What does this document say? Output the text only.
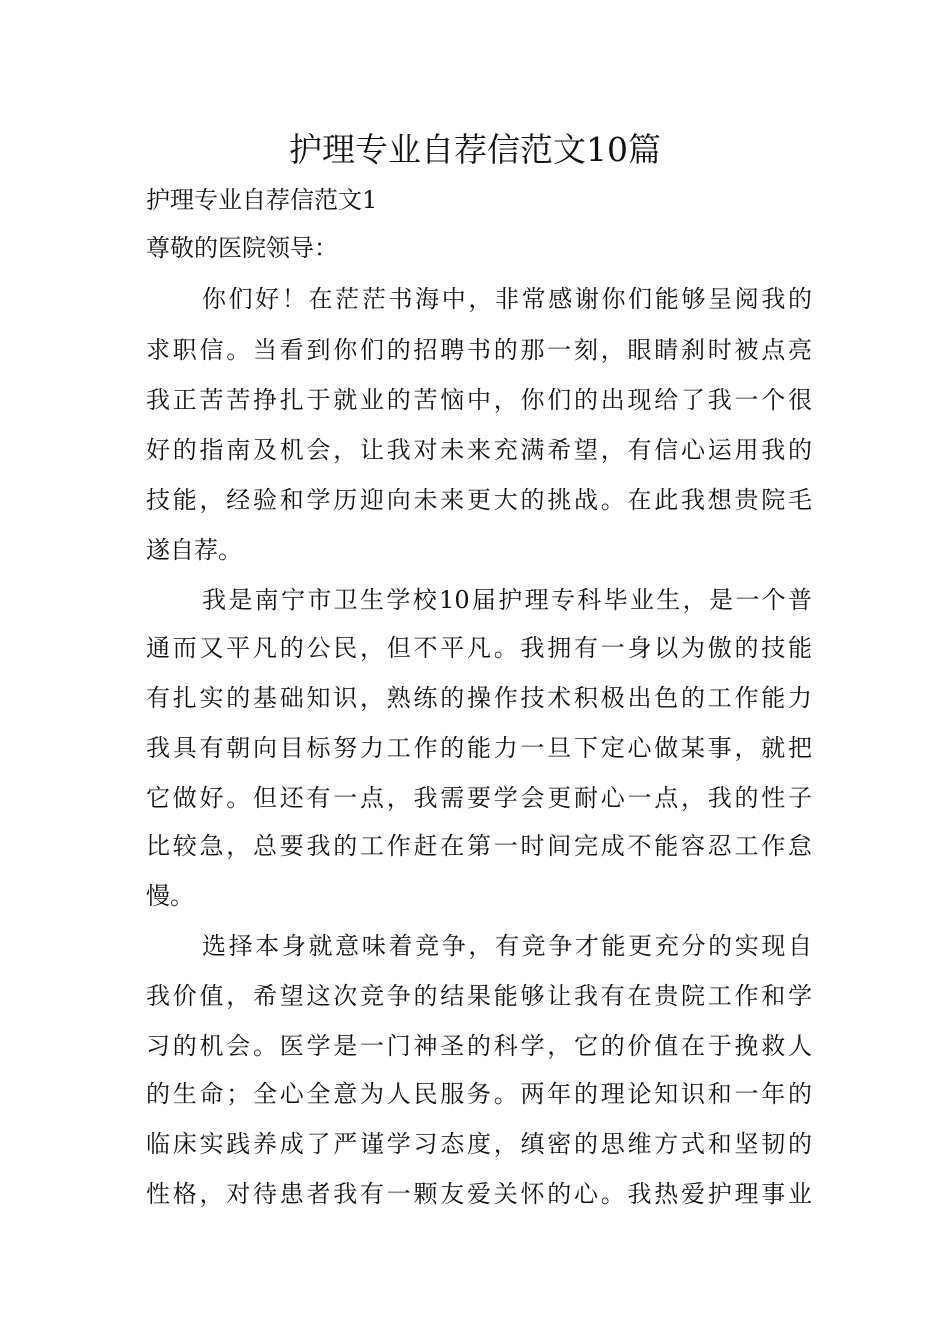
护理专业自荐信范文10篇
护理专业自荐信范文1
尊敬的医院领导：
你们好！在茫茫书海中，非常感谢你们能够呈阅我的
求职信。当看到你们的招聘书的那一刻，眼睛刹时被点亮
我正苦苦挣扎于就业的苦恼中，你们的出现给了我一个很
好的指南及机会，让我对未来充满希望，有信心运用我的
技能，经验和学历迎向未来更大的挑战。在此我想贵院毛
遂自荐。
我是南宁市卫生学校10届护理专科毕业生，是一个普
通而又平凡的公民，但不平凡。我拥有一身以为傲的技能
有扎实的基础知识，熟练的操作技术积极出色的工作能力
我具有朝向目标努力工作的能力一旦下定心做某事，就把
它做好。但还有一点，我需要学会更耐心一点，我的性子
比较急，总要我的工作赶在第一时间完成不能容忍工作怠
慢。
选择本身就意味着竞争，有竞争才能更充分的实现自
我价值，希望这次竞争的结果能够让我有在贵院工作和学
习的机会。医学是一门神圣的科学，它的价值在于挽救人
的生命；全心全意为人民服务。两年的理论知识和一年的
临床实践养成了严谨学习态度，缜密的思维方式和坚韧的
性格，对待患者我有一颗友爱关怀的心。我热爱护理事业
